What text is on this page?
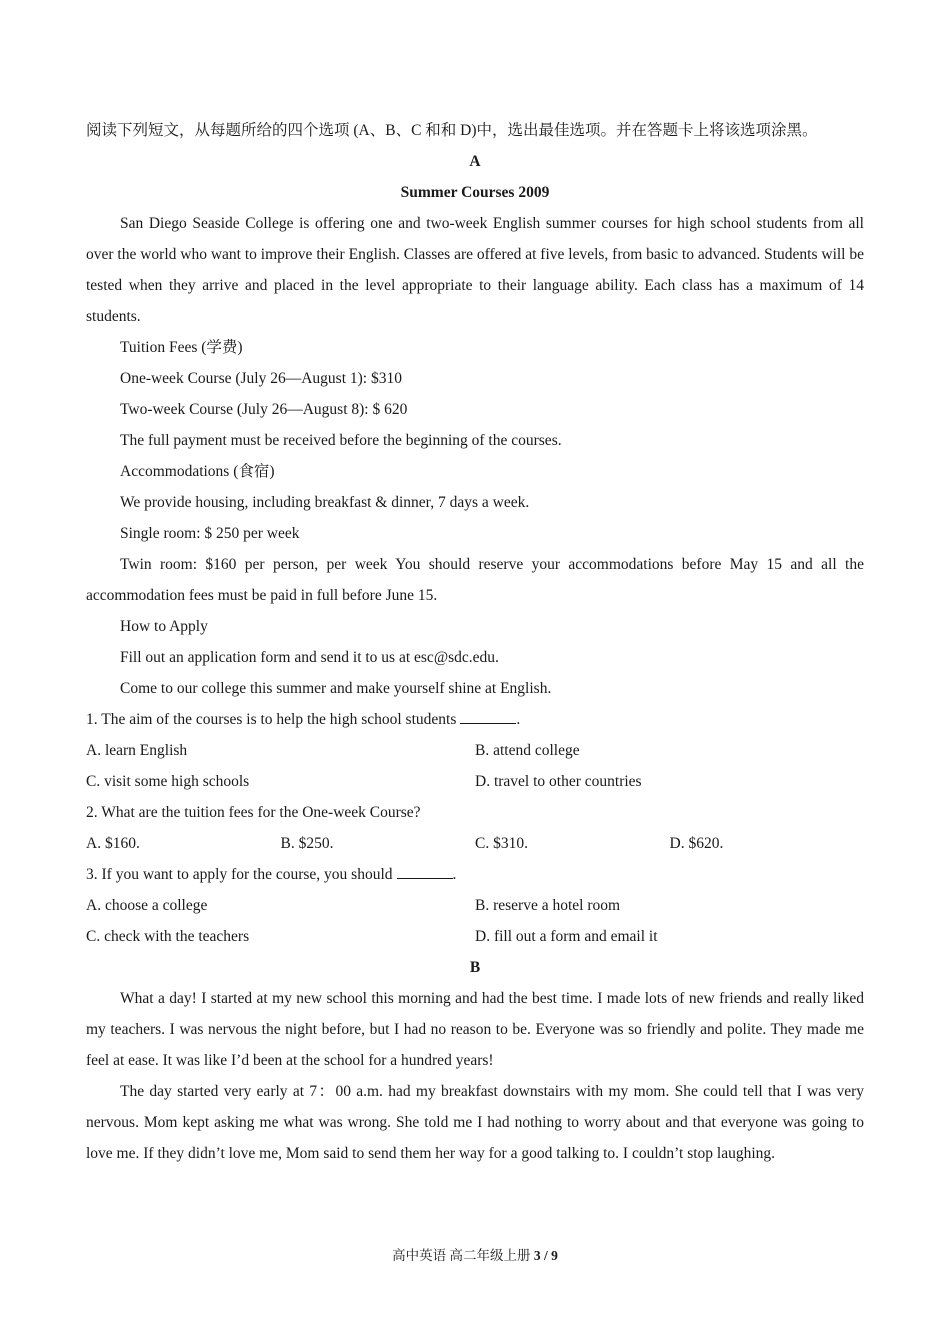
阅读下列短文，从每题所给的四个选项 (A、B、C 和和 D)中，选出最佳选项。并在答题卡上将该选项涂黑。

A

Summer Courses 2009

San Diego Seaside College is offering one and two-week English summer courses for high school students from all over the world who want to improve their English. Classes are offered at five levels, from basic to advanced. Students will be tested when they arrive and placed in the level appropriate to their language ability. Each class has a maximum of 14 students.

Tuition Fees (学费)

One-week Course (July 26—August 1): $310

Two-week Course (July 26—August 8): $ 620

The full payment must be received before the beginning of the courses.

Accommodations (食宿)

We provide housing, including breakfast & dinner, 7 days a week.

Single room: $ 250 per week

Twin room: $160 per person, per week You should reserve your accommodations before May 15 and all the accommodation fees must be paid in full before June 15.

How to Apply

Fill out an application form and send it to us at esc@sdc.edu.

Come to our college this summer and make yourself shine at English.

1. The aim of the courses is to help the high school students	.

A. learn English	B. attend college
C. visit some high schools	D. travel to other countries

2. What are the tuition fees for the One-week Course?

A. $160.	B. $250.	C. $310.	D. $620.

3. If you want to apply for the course, you should	.

A. choose a college	B. reserve a hotel room
C. check with the teachers	D. fill out a form and email it

B

What a day! I started at my new school this morning and had the best time. I made lots of new friends and really liked my teachers. I was nervous the night before, but I had no reason to be. Everyone was so friendly and polite. They made me feel at ease. It was like I’d been at the school for a hundred years!

The day started very early at 7：00 a.m. had my breakfast downstairs with my mom. She could tell that I was very nervous. Mom kept asking me what was wrong. She told me I had nothing to worry about and that everyone was going to love me. If they didn’t love me, Mom said to send them her way for a good talking to. I couldn’t stop laughing.

高中英语 高二年级上册 3 / 9
